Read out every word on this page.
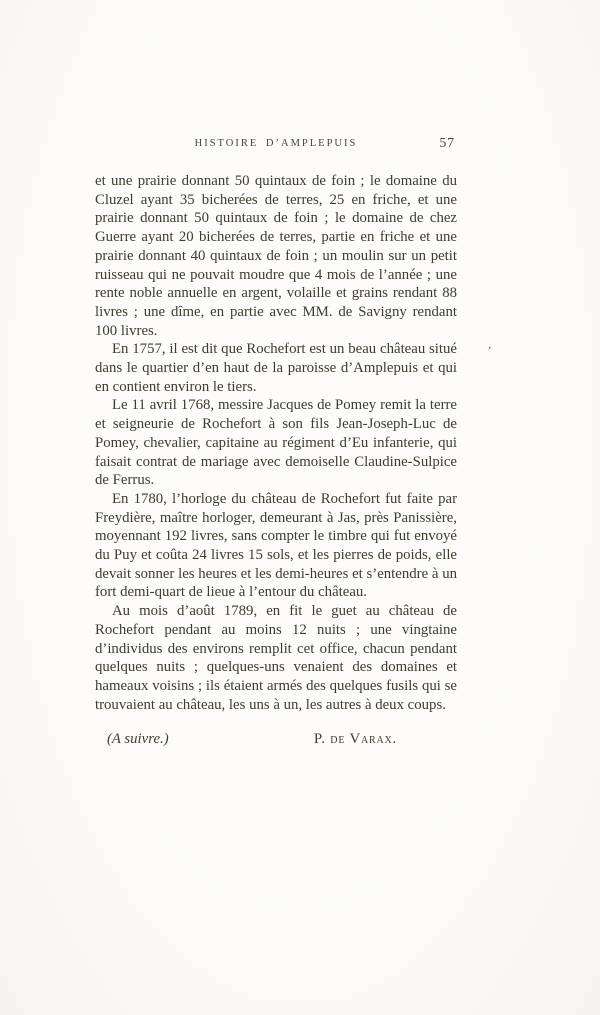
HISTOIRE D’AMPLEPUIS	57

et une prairie donnant 50 quintaux de foin ; le domaine du Cluzel ayant 35 bicherées de terres, 25 en friche, et une prairie donnant 50 quintaux de foin ; le domaine de chez Guerre ayant 20 bicherées de terres, partie en friche et une prairie donnant 40 quintaux de foin ; un moulin sur un petit ruisseau qui ne pouvait moudre que 4 mois de l’année ; une rente noble annuelle en argent, volaille et grains rendant 88 livres ; une dîme, en partie avec MM. de Savigny rendant 100 livres.

En 1757, il est dit que Rochefort est un beau château situé dans le quartier d’en haut de la paroisse d’Amplepuis et qui en contient environ le tiers.

Le 11 avril 1768, messire Jacques de Pomey remit la terre et seigneurie de Rochefort à son fils Jean-Joseph-Luc de Pomey, chevalier, capitaine au régiment d’Eu infanterie, qui faisait contrat de mariage avec demoiselle Claudine-Sulpice de Ferrus.

En 1780, l’horloge du château de Rochefort fut faite par Freydière, maître horloger, demeurant à Jas, près Panissière, moyennant 192 livres, sans compter le timbre qui fut envoyé du Puy et coûta 24 livres 15 sols, et les pierres de poids, elle devait sonner les heures et les demi-heures et s’entendre à un fort demi-quart de lieue à l’entour du château.

Au mois d’août 1789, en fit le guet au château de Rochefort pendant au moins 12 nuits ; une vingtaine d’individus des environs remplit cet office, chacun pendant quelques nuits ; quelques-uns venaient des domaines et hameaux voisins ; ils étaient armés des quelques fusils qui se trouvaient au château, les uns à un, les autres à deux coups.

(A suivre.)	P. de Varax.
’
